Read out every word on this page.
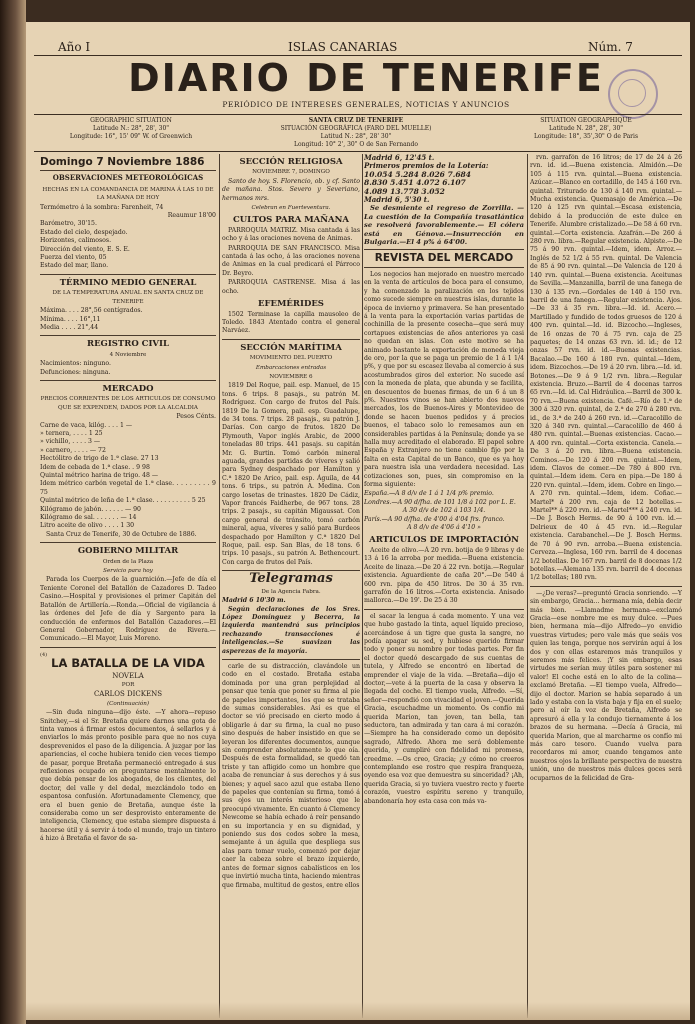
Año I	ISLAS CANARIAS	Núm. 7
DIARIO DE TENERIFE
PERIÓDICO DE INTERESES GENERALES, NOTICIAS Y ANUNCIOS
GEOGRAPHIC SITUATION
Latitude N.: 28°, 28', 30"
Longitude: 16°, 15' 09" W. of Greenwich
SANTA CRUZ DE TENERIFE
SITUACIÓN GEOGRÁFICA (FARO DEL MUELLE)
Latitud N.: 28°, 28' 30"
Longitud: 10° 2', 30" O de San Fernando
SITUATION GEOGRAPHIQUE
Latitude N. 28°, 28', 30"
Longitude: 18°, 35',30" O de Paris
Domingo 7 Noviembre 1886
OBSERVACIONES METEOROLÓGICAS
HECHAS EN LA COMANDANCIA DE MARINA Á LAS 10 DE LA MAÑANA DE HOY
Termómetro á la sombra: Farenheit, 74
Reaumur 18'00
Barómetro, 30'15.
Estado del cielo, despejado.
Horizontes, calimosos.
Dirección del viento, E. S. E.
Fuerza del viento, 05
Estado del mar, llano.
TÉRMINO MEDIO GENERAL
DE LA TEMPERATURA ANUAL EN SANTA CRUZ DE TENERIFE
Máxima. . . . 28°,56 centígrados.
Mínima. . . . 16°,11
Media . . . . 21°,44
REGISTRO CIVIL
4 Noviembre
Nacimientos: ninguno.
Defunciones: ninguna.
MERCADO
PRECIOS CORRIENTES DE LOS ARTICULOS DE CONSUMO QUE SE EXPENDEN, DADOS POR LA ALCALDIA
Pesos Cénts.
Carne de vaca, kilóg. . . . 1 —
» ternera, . . . . 1 25
» vichillo, . . . . 3 —
» carnero, . . . . — 72
Hectólitro de trigo de 1.ª clase. 27 13
Idem de cebada de 1.ª clase. . 9 98
Quintal métrico harina de trigo. 48 —
Idem métrico carbón vegetal de 1.ª clase. . . . . . . . . 9 75
Quintal métrico de leña de 1.ª clase. . . . . . . . . . 5 25
Kilógramo de jabón. . . . . . — 90
Kilógramo de sal. . . . . . . — 14
Litro aceite de olivo . . . . 1 30

Santa Cruz de Tenerife, 30 de Octubre de 1886.

GOBIERNO MILITAR
Orden de la Plaza
Servicio para hoy

Parada los Cuerpos de la guarnición.—Jefe de día el Teniente Coronel del Batallón de Cazadores D. Tadeo Casino.—Hospital y provisiones el primer Capitán del Batallón de Artillería.—Ronda.—Oficial de vigilancia á las órdenes del Jefe de día y Sargento para la conducción de enfermos del Batallón Cazadores.—El General Gobernador, Rodríguez de Rivera.—Comunicado.—El Mayor, Luis Moreno.

(4)
LA BATALLA DE LA VIDA
NOVELA
POR
CARLOS DICKENS
(Continuación)

—Sin duda ninguna—dijo éste. —Y ahora—repuso Snitchey,—si el Sr. Bretaña quiere darnos una gota de tinta vamos á firmar estos documentos, á sellarlos y á enviarlos lo más pronto posible para que no nos cuya desprevenidos el paso de la diligencia. Á juzgar por las apariencias, el coche hubiera tenido cien veces tiempo de pasar, porque Bretaña permaneció entregado á sus reflexiones ocupado en preguntarse mentalmente lo que debía pensar de los abogados, de los clientes, del doctor, del valle y del dedal, mezclándolo todo en espantosa confusión. Afortunadamente Clemency, que era el buen genio de Bretaña, aunque éste la consideraba como un ser desprovisto enteramente de inteligencia, Clemency, que estaba siempre dispuesta á hacerse útil y á servir á todo el mundo, trajo un tintero á hizo á Bretaña el favor de sa-

SECCIÓN RELIGIOSA
NOVIEMBRE 7, DOMINGO

Santo de hoy. S. Florencio, ob. y cf. Santo de mañana. Stos. Severo y Severiano, hermanos mrs.

Celebran en Fuerteventura.
CULTOS PARA MAÑANA

PARROQUIA MATRIZ. Misa cantada á las ocho y á las oraciones novena de Animas.

PARROQUIA DE SAN FRANCISCO. Misa cantada á las ocho, á las oraciones novena de Animas en la cual predicará el Párroco Dr. Beyro.

PARROQUIA CASTRENSE. Misa á las ocho.

EFEMÉRIDES

1502 Terminase la capilla mausoleo de Toledo. 1843 Atentado contra el general Narváez.

SECCIÓN MARÍTIMA
MOVIMIENTO DEL PUERTO
Embarcaciones entradas
NOVIEMBRE 6

1819 Del Roque, pail. esp. Manuel, de 15 tons. 6 trips. 8 pasajs., su patrón M. Rodríguez. Con cargo de frutos del País. 1819 De la Gomera, pail. esp. Guadalupe, de 34 tons. 7 trips. 28 pasajs., su patrón J. Darías. Con cargo de frutos. 1820 De Plymouth, Vapor inglés Arabic, de 2000 toneladas 80 trips. 441 pasajs. su capitán Mr. G. Burtin. Tomó carbón mineral aguada, grandes partidas de víveres y salió para Sydney despachado por Hamilton y C.ª 1820 De Arico, pail. esp. Águila, de 44 tons. 6 trips., su patrón A. Medina. Con cargo losetas de trinastes. 1820 De Cádiz, Vapor francés Faidherbe, de 967 tons. 28 trips. 2 pasajs., su capitán Migaussat. Con cargo general de tránsito, tomó carbón mineral, agua, víveres y salió para Burdeos despachado por Hamilton y C.ª 1820 Del Roque, pail. esp. San Blas, de 18 tons. 6 trips. 10 pasajs., su patrón A. Bethencourt. Con carga de frutos del País.

Telegramas
De la Agencia Fabra.
Madrid 6 10'30 m.

Según declaraciones de los Sres. López Domínguez y Becerra, la izquierda mantendrá sus principios rechazando transacciones é inteligencias.—Se suavizan las asperezas de la mayoría.

carle de su distracción, clavándole un codo en el costado. Bretaña estaba dominada por una gran perplejidad al pensar que tenía que poner su firma al pie de papeles importantes, los que se trataba de sumas considerables. Así es que el doctor se vió precisado en cierto modo á obligarle á dar su firma, la cual no puso sino después de haber insistido en que se leyeran los diferentes documentos, aunque sin comprender absolutamente lo que oía. Después de esta formalidad, se quedó tan triste y tan afligido como un hombre que acaba de renunciar á sus derechos y á sus bienes; y aquel saco azul que estaba lleno de papeles que contenían su firma, tomó á sus ojos un interés misterioso que le preocupó vivamente. En cuanto á Clemency Newcome se había echado á reír pensando en su importancia y en su dignidad, y poniendo sus dos codos sobre la mesa, semejante á un águila que despliega sus alas para tomar vuelo, comenzó por dejar caer la cabeza sobre el brazo izquierdo, antes de formar signos cabalísticos en los que invirtió mucha tinta, haciendo mientras que firmaba, multitud de gestos, entre ellos

Madrid 6, 12'45 t.
Primeros premios de la Lotería:
10.054 5.284 8.026 7.684
8.830 5.451 4.072 6.107
4.089 13.778 3.052
Madrid 6, 5'30 t.

Se desmiente el regreso de Zorrilla. —La cuestión de la Compañía trasatlántica se resolverá favorablemente.— El cólera está en Génova.—Insurrección en Bulgaria.—El 4 p% á 64'00.

REVISTA DEL MERCADO

Los negocios han mejorado en nuestro mercado en la venta de artículos de boca para el consumo, y ha comenzado la paralización en los tejidos como sucede siempre en nuestras islas, durante la época de invierno y primavera. Se han presentado á la venta para la exportación varias partidas de cochinilla de la presente cosecha—que será muy cortapues existencias de años anteriores ya casi no quedan en islas. Con este motivo se ha animado bastante la exportación de moneda vieja de oro, por la que se paga un premio de 1 á 1 1/4 p%, y que por su escasez llevaba al comercio á sus acostumbrados giros del exterior. No sucede así con la moneda de plata, que abunda y se facilita, en descuentos de buenas firmas, de un 6 á un 8 p%. Nuestros vinos se han abierto dos nuevos mercados, los de Buenos-Aires y Montevideo de donde se hacen buenos pedidos y á precios buenos, el tabaco solo lo remesamos aun en considerables partidas á la Península; donde ya se halla muy acreditado el elaborado. El papel sobre España y Extranjero no tiene cambio fijo por la falta en esta Capital de un Banco, que es ya hoy para nuestra isla una verdadera necesidad. Las cotizaciones son, pues, sin compromiso en la forma siguiente:

España.—A 8 d/v de 1 á 1 1/4 p% premio.
Londres.—A 90 d/fha. de 101 1/8 á 102 por L. E.
A 30 d/v de 102 á 103 1/4.
París.—A 90 d/fha. de 4'00 á 4'04 frs. franco.
A 8 d/v de 4'06 á 4'10 »
ARTICULOS DE IMPORTACIÓN

Aceite de olivo.—Á 20 rvn. botija de 9 libras y de 13 á 16 la arroba por medida.—Buena existencia. Aceite de linaza.—De 20 á 22 rvn. botija.—Regular existencia. Aguardiente de caña 20°.—De 540 á 600 rvn. pipa de 450 litros. De 30 á 35 rvn. garrafón de 16 litros.—Corta existencia. Anisado mallorca.—De 19'. De 25 á 30

el sacar la lengua á cada momento. Y una vez que hubo gastado la tinta, aquel líquido precioso, acercándose á un tigre que gusta la sangre, no podía apagar su sed, y hubiese querido firmar todo y poner su nombre por todas partes. Por fin el doctor quedó descargado de sus cuentas de tutela, y Alfredo se encontró en libertad de emprender el viaje de la vida. —Bretaña—dijo el doctor,—vete á la puerta de la casa y observa la llegada del coche. El tiempo vuela, Alfredo. —Sí, señor—respondió con vivacidad el joven.—Querida Gracia, escuchadme un momento. Os confío mi querida Marion, tan joven, tan bella, tan seductora, tan admirada y tan cara á mi corazón. —Siempre ha ha considerado como un depósito sagrado, Alfredo. Ahora me será doblemente querida, y cumpliré con fidelidad mi promesa, creedme. —Os creo, Gracia; ¿y cómo no creeros contemplando ese rostro que respira franqueza, oyendo esa voz que demuestra su sinceridad? ¡Ah, querida Gracia, si yo tuviera vuestro recto y fuerte corazón, vuestro espíritu sereno y tranquilo, abandonaría hoy esta casa con más va-

rvn. garrafón de 16 litros; de 17 de 24 á 26 rvn. id. id.—Buena existencia. Almidón.—De 105 á 115 rvn. quintal.—Buena existencia. Azúcar.—Blanco en cortadillo, de 145 á 160 rvn. quintal. Triturado de 130 á 140 rvn. quintal.—Mucha existencia. Quemasajo de América.—De 120 á 125 rvn quintal.—Escasa existencia, debido á la producción de este dulce en Tenerife. Alumbre cristalizado.—De 58 á 60 rvn. quintal.—Corta existencia. Azafrán.—De 260 á 280 rvn. libra.—Regular existencia. Alpiste.—De 75 á 90 rvn. quintal.—Idem, idem. Arroz.—Inglés de 52 1/2 á 55 rvn. quintal. De Valencia de 85 á 90 rvn. quintal.—De Valencia de 120 á 140 rvn. quintal.—Buena existencia. Aceitunas de Sevilla.—Manzanilla, barril de una fanega de 130 á 135 rvn.—Gordales de 140 á 150 rvn. barril de una fanega.—Regular existencia. Ajos.—De 33 á 35 rvn. libra.—Id. id. Acero.—Martillado y fundido de todos gruesos de 120 á 400 rvn. quintal.—Id. id. Bizcocho.—Ingleses, de 16 onzas de 70 á 75 rvn. caja de 25 paquetes; de 14 onzas 63 rvn. id. id.; de 12 onzas 57 rvn. id. id.—Buenas existencias. Bacalao.—De 160 á 180 rvn. quintal.—Idem, idem. Bizcochos.—De 19 á 20 rvn. libra.—Id. id. Botones.—De 9 á 9 1/2 rvn. libra.—Regular existencia. Bruzo.—Barril de 4 docenas tarros 65 rvn.—Id. id. Cal Hidráulica.—Barril de 300 k. 70 rvn.—Buena existencia. Café.—Río de 1.ª de 300 á 320 rvn. quintal, de 2.ª de 270 á 280 rvn. id., de 3.ª de 240 á 260 rvn. id.—Caracolillo de 320 á 340 rvn. quintal.—Caracolillo de 460 á 480 rvn. quintal.—Buenas existencias. Cacao.—A 400 rvn. quintal.—Corta existencia. Canela.—De 3 á 20 rvn. libra.—Buena existencia. Cominos.—De 120 á 200 rvn. quintal.—Idem, idem. Clavos de comer.—De 780 á 800 rvn. quintal.—Idem idem. Cera en pipa.—De 180 á 220 rvn. quintal.—Idem, idem. Cobre en lingo.—A 270 rvn. quintal.—Idem, idem. Coñac.—Martel* á 200 rvn. caja de 12 botellas.—Martel** á 220 rvn. id.—Martel*** á 240 rvn. id.—De J. Bosch Herms. de 90 á 100 rvn. id.—Delrieux de 40 á 45 rvn. id.—Regular existencia. Carabanchel.—De J. Bosch Herms. de 70 á 90 rvn. arroba.—Buena existencia. Cerveza.—Inglesa, 160 rvn. barril de 4 docenas 1/2 botellas. De 167 rvn. barril de 8 docenas 1/2 botellas.—Alemana 135 rvn. barril de 4 docenas 1/2 botellas; 180 rvn.

—¿De veras?—preguntó Gracia sonriendo. —Y sin embargo, Gracia... hermana mía, debía decir más bien. —Llamadme hermana—exclamó Gracia—ese nombre me es muy dulce. —Pues bien, hermana mía—dijo Alfredo—yo envidio vuestras virtudes; pero vale más que seáis vos quien las tenga, porque nos servirán aquí á los dos y con ellas estaremos más tranquilos y seremos más felices. ¡Y sin embargo, esas virtudes me serían muy útiles para sostener mi valor! El coche está en lo alto de la colina—exclamó Bretaña. —El tiempo vuela, Alfredo—dijo el doctor. Marion se había separado á un lado y estaba con la vista baja y fija en el suelo; pero al oír la voz de Bretaña, Alfredo se apresuró á ella y la condujo tiernamente á los brazos de su hermana. —Decía á Gracia, mi querida Marion, que al marcharme os confío mi más caro tesoro. Cuando vuelva para recordaros mi amor, cuando tengamos ante nuestros ojos la brillante perspectiva de nuestra unión, uno de nuestros más dulces goces será ocuparnos de la felicidad de Gra-
